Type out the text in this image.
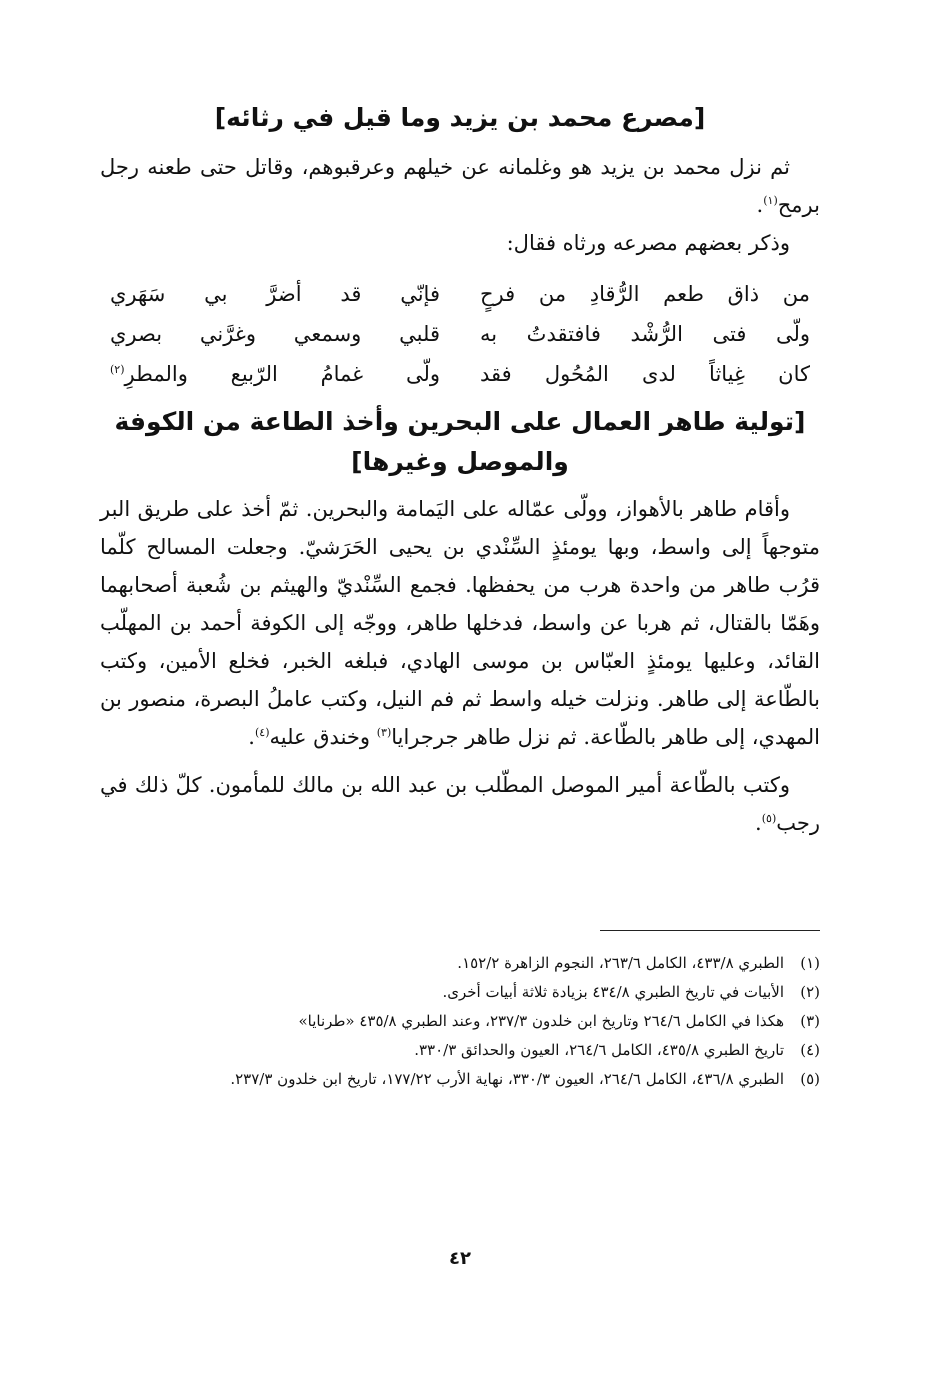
[مصرع محمد بن يزيد وما قيل في رثائه]

ثم نزل محمد بن يزيد هو وغلمانه عن خيلهم وعرقبوهم، وقاتل حتى طعنه رجل برمح$^{(١)}$.

وذكر بعضهم مصرعه ورثاه فقال:

من ذاق طعم الرُّقادِ من فرحٍ
فإنّي قد أضرَّ بي سَهَري
ولّى فتى الرُّشْد فافتقدتُ به
قلبي وسمعي وغرَّني بصري
كان غِياثاً لدى المُحُول فقد
ولّى غمامُ الرّبيع والمطرِ$^{(٢)}$
[تولية طاهر العمال على البحرين وأخذ الطاعة من الكوفة والموصل وغيرها]

وأقام طاهر بالأهواز، وولّى عمّاله على اليَمامة والبحرين. ثمّ أخذ على طريق البر متوجهاً إلى واسط، وبها يومئذٍ السِّنْدي بن يحيى الحَرَشيّ. وجعلت المسالح كلّما قرُب طاهر من واحدة هرب من يحفظها. فجمع السِّنْديّ والهيثم بن شُعبة أصحابهما وهَمّا بالقتال، ثم هربا عن واسط، فدخلها طاهر، ووجّه إلى الكوفة أحمد بن المهلّب القائد، وعليها يومئذٍ العبّاس بن موسى الهادي، فبلغه الخبر، فخلع الأمين، وكتب بالطّاعة إلى طاهر. ونزلت خيله واسط ثم فم النيل، وكتب عاملُ البصرة، منصور بن المهدي، إلى طاهر بالطّاعة. ثم نزل طاهر جرجرايا$^{(٣)}$ وخندق عليه$^{(٤)}$.

وكتب بالطّاعة أمير الموصل المطّلب بن عبد الله بن مالك للمأمون. كلّ ذلك في رجب$^{(٥)}$.

(١)
الطبري ٤٣٣/٨، الكامل ٢٦٣/٦، النجوم الزاهرة ١٥٢/٢.
(٢)
الأبيات في تاريخ الطبري ٤٣٤/٨ بزيادة ثلاثة أبيات أخرى.
(٣)
هكذا في الكامل ٢٦٤/٦ وتاريخ ابن خلدون ٢٣٧/٣، وعند الطبري ٤٣٥/٨ «طرنايا»
(٤)
تاريخ الطبري ٤٣٥/٨، الكامل ٢٦٤/٦، العيون والحدائق ٣٣٠/٣.
(٥)
الطبري ٤٣٦/٨، الكامل ٢٦٤/٦، العيون ٣٣٠/٣، نهاية الأرب ١٧٧/٢٢، تاريخ ابن خلدون ٢٣٧/٣.
٤٢
